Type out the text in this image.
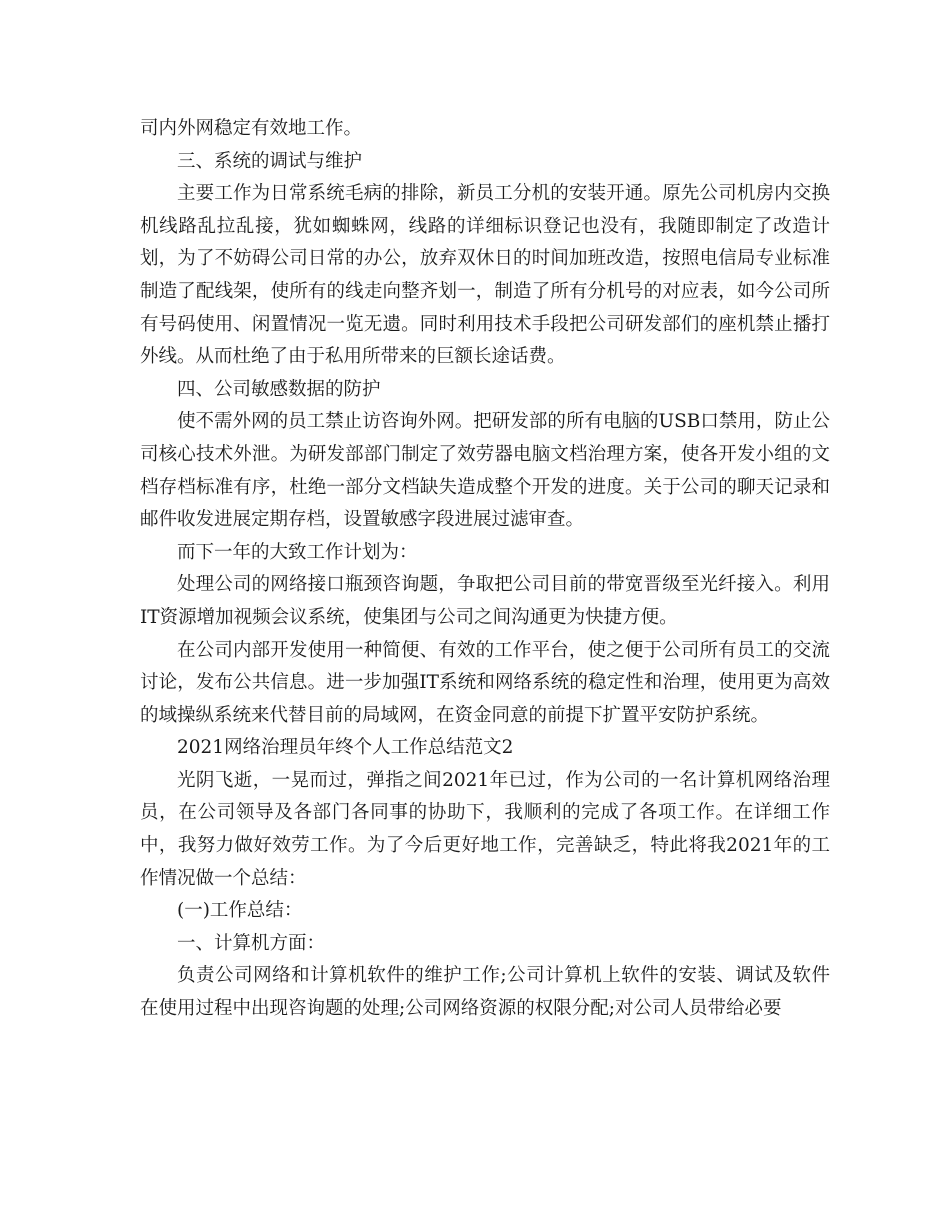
司内外网稳定有效地工作。

三、系统的调试与维护

主要工作为日常系统毛病的排除，新员工分机的安装开通。原先公司机房内交换机线路乱拉乱接，犹如蜘蛛网，线路的详细标识登记也没有，我随即制定了改造计划，为了不妨碍公司日常的办公，放弃双休日的时间加班改造，按照电信局专业标准制造了配线架，使所有的线走向整齐划一，制造了所有分机号的对应表，如今公司所有号码使用、闲置情况一览无遗。同时利用技术手段把公司研发部们的座机禁止播打外线。从而杜绝了由于私用所带来的巨额长途话费。

四、公司敏感数据的防护

使不需外网的员工禁止访咨询外网。把研发部的所有电脑的USB口禁用，防止公司核心技术外泄。为研发部部门制定了效劳器电脑文档治理方案，使各开发小组的文档存档标准有序，杜绝一部分文档缺失造成整个开发的进度。关于公司的聊天记录和邮件收发进展定期存档，设置敏感字段进展过滤审查。

而下一年的大致工作计划为：

处理公司的网络接口瓶颈咨询题，争取把公司目前的带宽晋级至光纤接入。利用IT资源增加视频会议系统，使集团与公司之间沟通更为快捷方便。

在公司内部开发使用一种简便、有效的工作平台，使之便于公司所有员工的交流讨论，发布公共信息。进一步加强IT系统和网络系统的稳定性和治理，使用更为高效的域操纵系统来代替目前的局域网，在资金同意的前提下扩置平安防护系统。

2021网络治理员年终个人工作总结范文2

光阴飞逝，一晃而过，弹指之间2021年已过，作为公司的一名计算机网络治理员，在公司领导及各部门各同事的协助下，我顺利的完成了各项工作。在详细工作中，我努力做好效劳工作。为了今后更好地工作，完善缺乏，特此将我2021年的工作情况做一个总结：

(一)工作总结：

一、计算机方面：

负责公司网络和计算机软件的维护工作;公司计算机上软件的安装、调试及软件在使用过程中出现咨询题的处理;公司网络资源的权限分配;对公司人员带给必要
